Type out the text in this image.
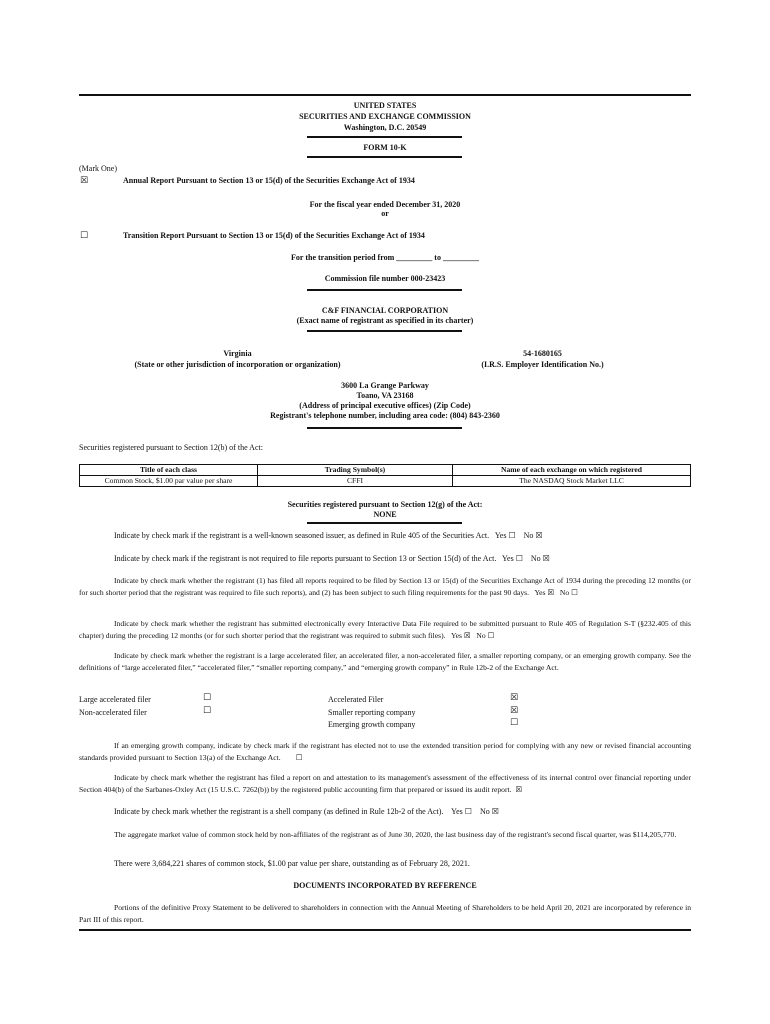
UNITED STATES
SECURITIES AND EXCHANGE COMMISSION
Washington, D.C. 20549
FORM 10-K
(Mark One)
☒	Annual Report Pursuant to Section 13 or 15(d) of the Securities Exchange Act of 1934
For the fiscal year ended December 31, 2020
or
☐	Transition Report Pursuant to Section 13 or 15(d) of the Securities Exchange Act of 1934
For the transition period from _________ to _________
Commission file number 000-23423
C&F FINANCIAL CORPORATION
(Exact name of registrant as specified in its charter)
Virginia
(State or other jurisdiction of incorporation or organization)
54-1680165
(I.R.S. Employer Identification No.)
3600 La Grange Parkway
Toano, VA 23168
(Address of principal executive offices) (Zip Code)
Registrant's telephone number, including area code: (804) 843-2360
Securities registered pursuant to Section 12(b) of the Act:
Title of each class	Trading Symbol(s)	Name of each exchange on which registered
Common Stock, $1.00 par value per share	CFFI	The NASDAQ Stock Market LLC
Securities registered pursuant to Section 12(g) of the Act:
NONE
Indicate by check mark if the registrant is a well-known seasoned issuer, as defined in Rule 405 of the Securities Act. Yes ☐ No ☒
Indicate by check mark if the registrant is not required to file reports pursuant to Section 13 or Section 15(d) of the Act. Yes ☐ No ☒
Indicate by check mark whether the registrant (1) has filed all reports required to be filed by Section 13 or 15(d) of the Securities Exchange Act of 1934 during the preceding 12 months (or for such shorter period that the registrant was required to file such reports), and (2) has been subject to such filing requirements for the past 90 days. Yes ☒ No ☐
Indicate by check mark whether the registrant has submitted electronically every Interactive Data File required to be submitted pursuant to Rule 405 of Regulation S-T (§232.405 of this chapter) during the preceding 12 months (or for such shorter period that the registrant was required to submit such files). Yes ☒ No ☐
Indicate by check mark whether the registrant is a large accelerated filer, an accelerated filer, a non-accelerated filer, a smaller reporting company, or an emerging growth company. See the definitions of “large accelerated filer,” “accelerated filer,” “smaller reporting company,” and “emerging growth company” in Rule 12b-2 of the Exchange Act.
Large accelerated filer	☐
Non-accelerated filer	☐
Accelerated Filer	☒
Smaller reporting company	☒
Emerging growth company	☐
If an emerging growth company, indicate by check mark if the registrant has elected not to use the extended transition period for complying with any new or revised financial accounting standards provided pursuant to Section 13(a) of the Exchange Act. ☐
Indicate by check mark whether the registrant has filed a report on and attestation to its management's assessment of the effectiveness of its internal control over financial reporting under Section 404(b) of the Sarbanes-Oxley Act (15 U.S.C. 7262(b)) by the registered public accounting firm that prepared or issued its audit report. ☒
Indicate by check mark whether the registrant is a shell company (as defined in Rule 12b-2 of the Act). Yes ☐ No ☒
The aggregate market value of common stock held by non-affiliates of the registrant as of June 30, 2020, the last business day of the registrant's second fiscal quarter, was $114,205,770.
There were 3,684,221 shares of common stock, $1.00 par value per share, outstanding as of February 28, 2021.
DOCUMENTS INCORPORATED BY REFERENCE
Portions of the definitive Proxy Statement to be delivered to shareholders in connection with the Annual Meeting of Shareholders to be held April 20, 2021 are incorporated by reference in Part III of this report.
